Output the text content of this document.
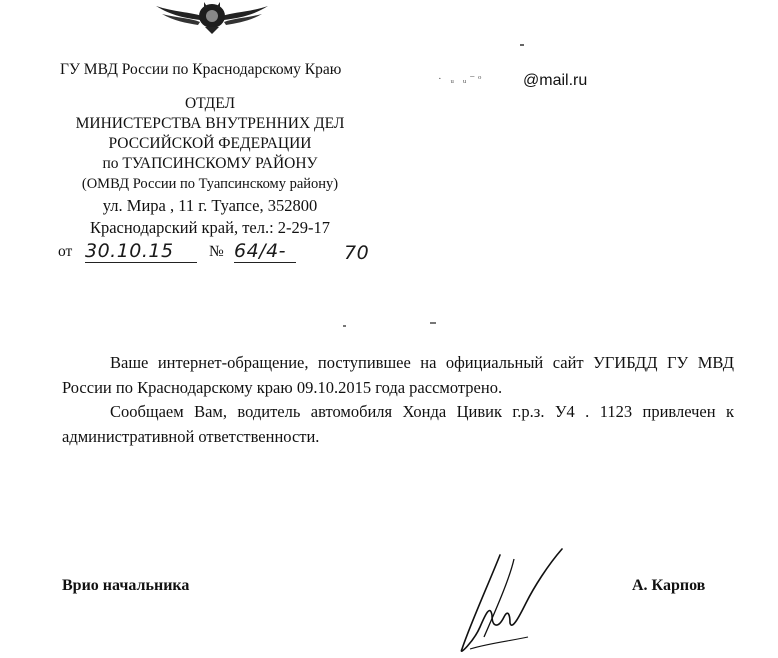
ГУ МВД России по Краснодарскому Краю
ОТДЕЛ
МИНИСТЕРСТВА ВНУТРЕННИХ ДЕЛ
РОССИЙСКОЙ ФЕДЕРАЦИИ
по ТУАПСИНСКОМУ РАЙОНУ
(ОМВД России по Туапсинскому району)
ул. Мира , 11 г. Туапсе, 352800
Краснодарский край, тел.: 2-29-17
от 30.10.15	№ 64/4-	70
· ᵤ ᵤ⁻ᵒ @mail.ru

Ваше интернет-обращение, поступившее на официальный сайт УГИБДД ГУ МВД России по Краснодарскому краю 09.10.2015 года рассмотрено.

Сообщаем Вам, водитель автомобиля Хонда Цивик г.р.з. У4 . 1123 привлечен к административной ответственности.

Врио начальника	А. Карпов
